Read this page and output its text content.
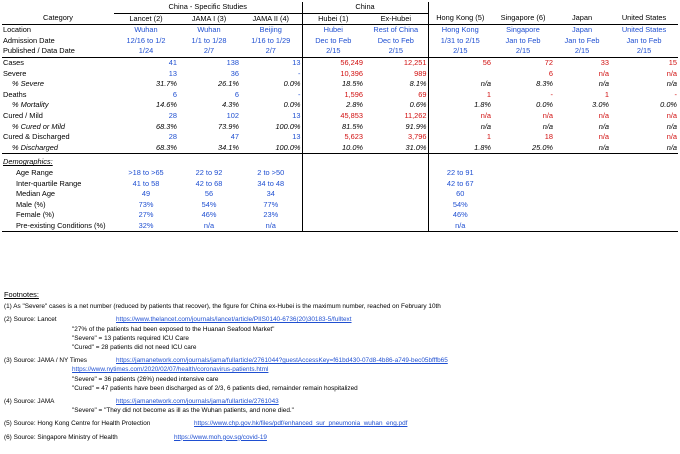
	China - Specific Studies			China					
Category	Lancet (2)	JAMA I (3)	JAMA II (4)	Hubei (1)	Ex-Hubei	Hong Kong (5)	Singapore (6)	Japan	United States
Location	Wuhan	Wuhan	Beijing	Hubei	Rest of China	Hong Kong	Singapore	Japan	United States
Admission Date	12/16 to 1/2	1/1 to 1/28	1/16 to 1/29	Dec to Feb	Dec to Feb	1/31 to 2/15	Jan to Feb	Jan to Feb	Jan to Feb
Published / Data Date	1/24	2/7	2/7	2/15	2/15	2/15	2/15	2/15	2/15
Cases	41	138	13	56,249	12,251	56	72	33	15
Severe	13	36	-	10,396	989		6	n/a	n/a
% Severe	31.7%	26.1%	0.0%	18.5%	8.1%	n/a	8.3%	n/a	n/a
Deaths	6	6	-	1,596	69	1	-	1	-
% Mortality	14.6%	4.3%	0.0%	2.8%	0.6%	1.8%	0.0%	3.0%	0.0%
Cured / Mild	28	102	13	45,853	11,262	n/a	n/a	n/a	n/a
% Cured or Mild	68.3%	73.9%	100.0%	81.5%	91.9%	n/a	n/a	n/a	n/a
Cured & Discharged	28	47	13	5,623	3,796	1	18	n/a	n/a
% Discharged	68.3%	34.1%	100.0%	10.0%	31.0%	1.8%	25.0%	n/a	n/a

Demographics:									
Age Range	>18 to >65	22 to 92	2 to >50			22 to 91			
Inter-quartile Range	41 to 58	42 to 68	34 to 48			42 to 67			
Median Age	49	56	34			60			
Male (%)	73%	54%	77%			54%			
Female (%)	27%	46%	23%			46%			
Pre-existing Conditions (%)	32%	n/a	n/a			n/a			
Footnotes:
(1) As "Severe" cases is a net number (reduced by patients that recover), the figure for China ex-Hubei is the maximum number, reached on February 10th
(2) Source: Lancet	https://www.thelancet.com/journals/lancet/article/PIIS0140-6736(20)30183-5/fulltext
"27% of the patients had been exposed to the Huanan Seafood Market"
"Severe" = 13 patients required ICU Care
"Cured" = 28 patients did not need ICU care
(3) Source: JAMA / NY Times	https://jamanetwork.com/journals/jama/fullarticle/2761044?guestAccessKey=f61bd430-07d8-4b86-a749-bec05bfffb65
https://www.nytimes.com/2020/02/07/health/coronavirus-patients.html
"Severe" = 36 patients (26%) needed intensive care
"Cured" = 47 patients have been discharged as of 2/3, 6 patients died, remainder remain hospitalized
(4) Source: JAMA	https://jamanetwork.com/journals/jama/fullarticle/2761043
"Severe" = "They did not become as ill as the Wuhan patients, and none died."
(5) Source: Hong Kong Centre for Health Protection	https://www.chp.gov.hk/files/pdf/enhanced_sur_pneumonia_wuhan_eng.pdf
(6) Source: Singapore Ministry of Health	https://www.moh.gov.sg/covid-19
